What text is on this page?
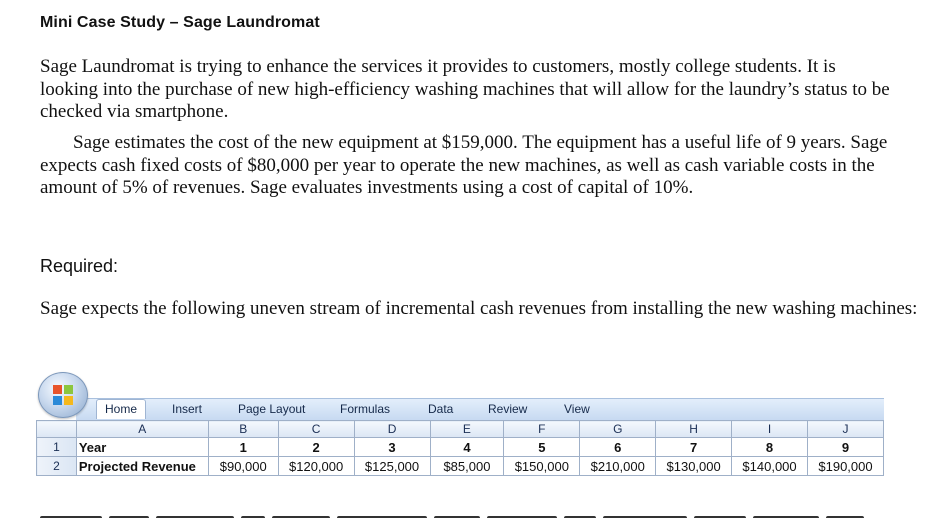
Mini Case Study – Sage Laundromat

Sage Laundromat is trying to enhance the services it provides to customers, mostly college students. It is looking into the purchase of new high-efficiency washing machines that will allow for the laundry’s status to be checked via smartphone.

Sage estimates the cost of the new equipment at $159,000. The equipment has a useful life of 9 years. Sage expects cash fixed costs of $80,000 per year to operate the new machines, as well as cash variable costs in the amount of 5% of revenues. Sage evaluates investments using a cost of capital of 10%.

Required:

Sage expects the following uneven stream of incremental cash revenues from installing the new washing machines:

Home	Insert	Page Layout	Formulas	Data	Review	View
	A	B	C	D	E	F	G	H	I	J
1	Year	1	2	3	4	5	6	7	8	9
2	Projected Revenue	$90,000	$120,000	$125,000	$85,000	$150,000	$210,000	$130,000	$140,000	$190,000
